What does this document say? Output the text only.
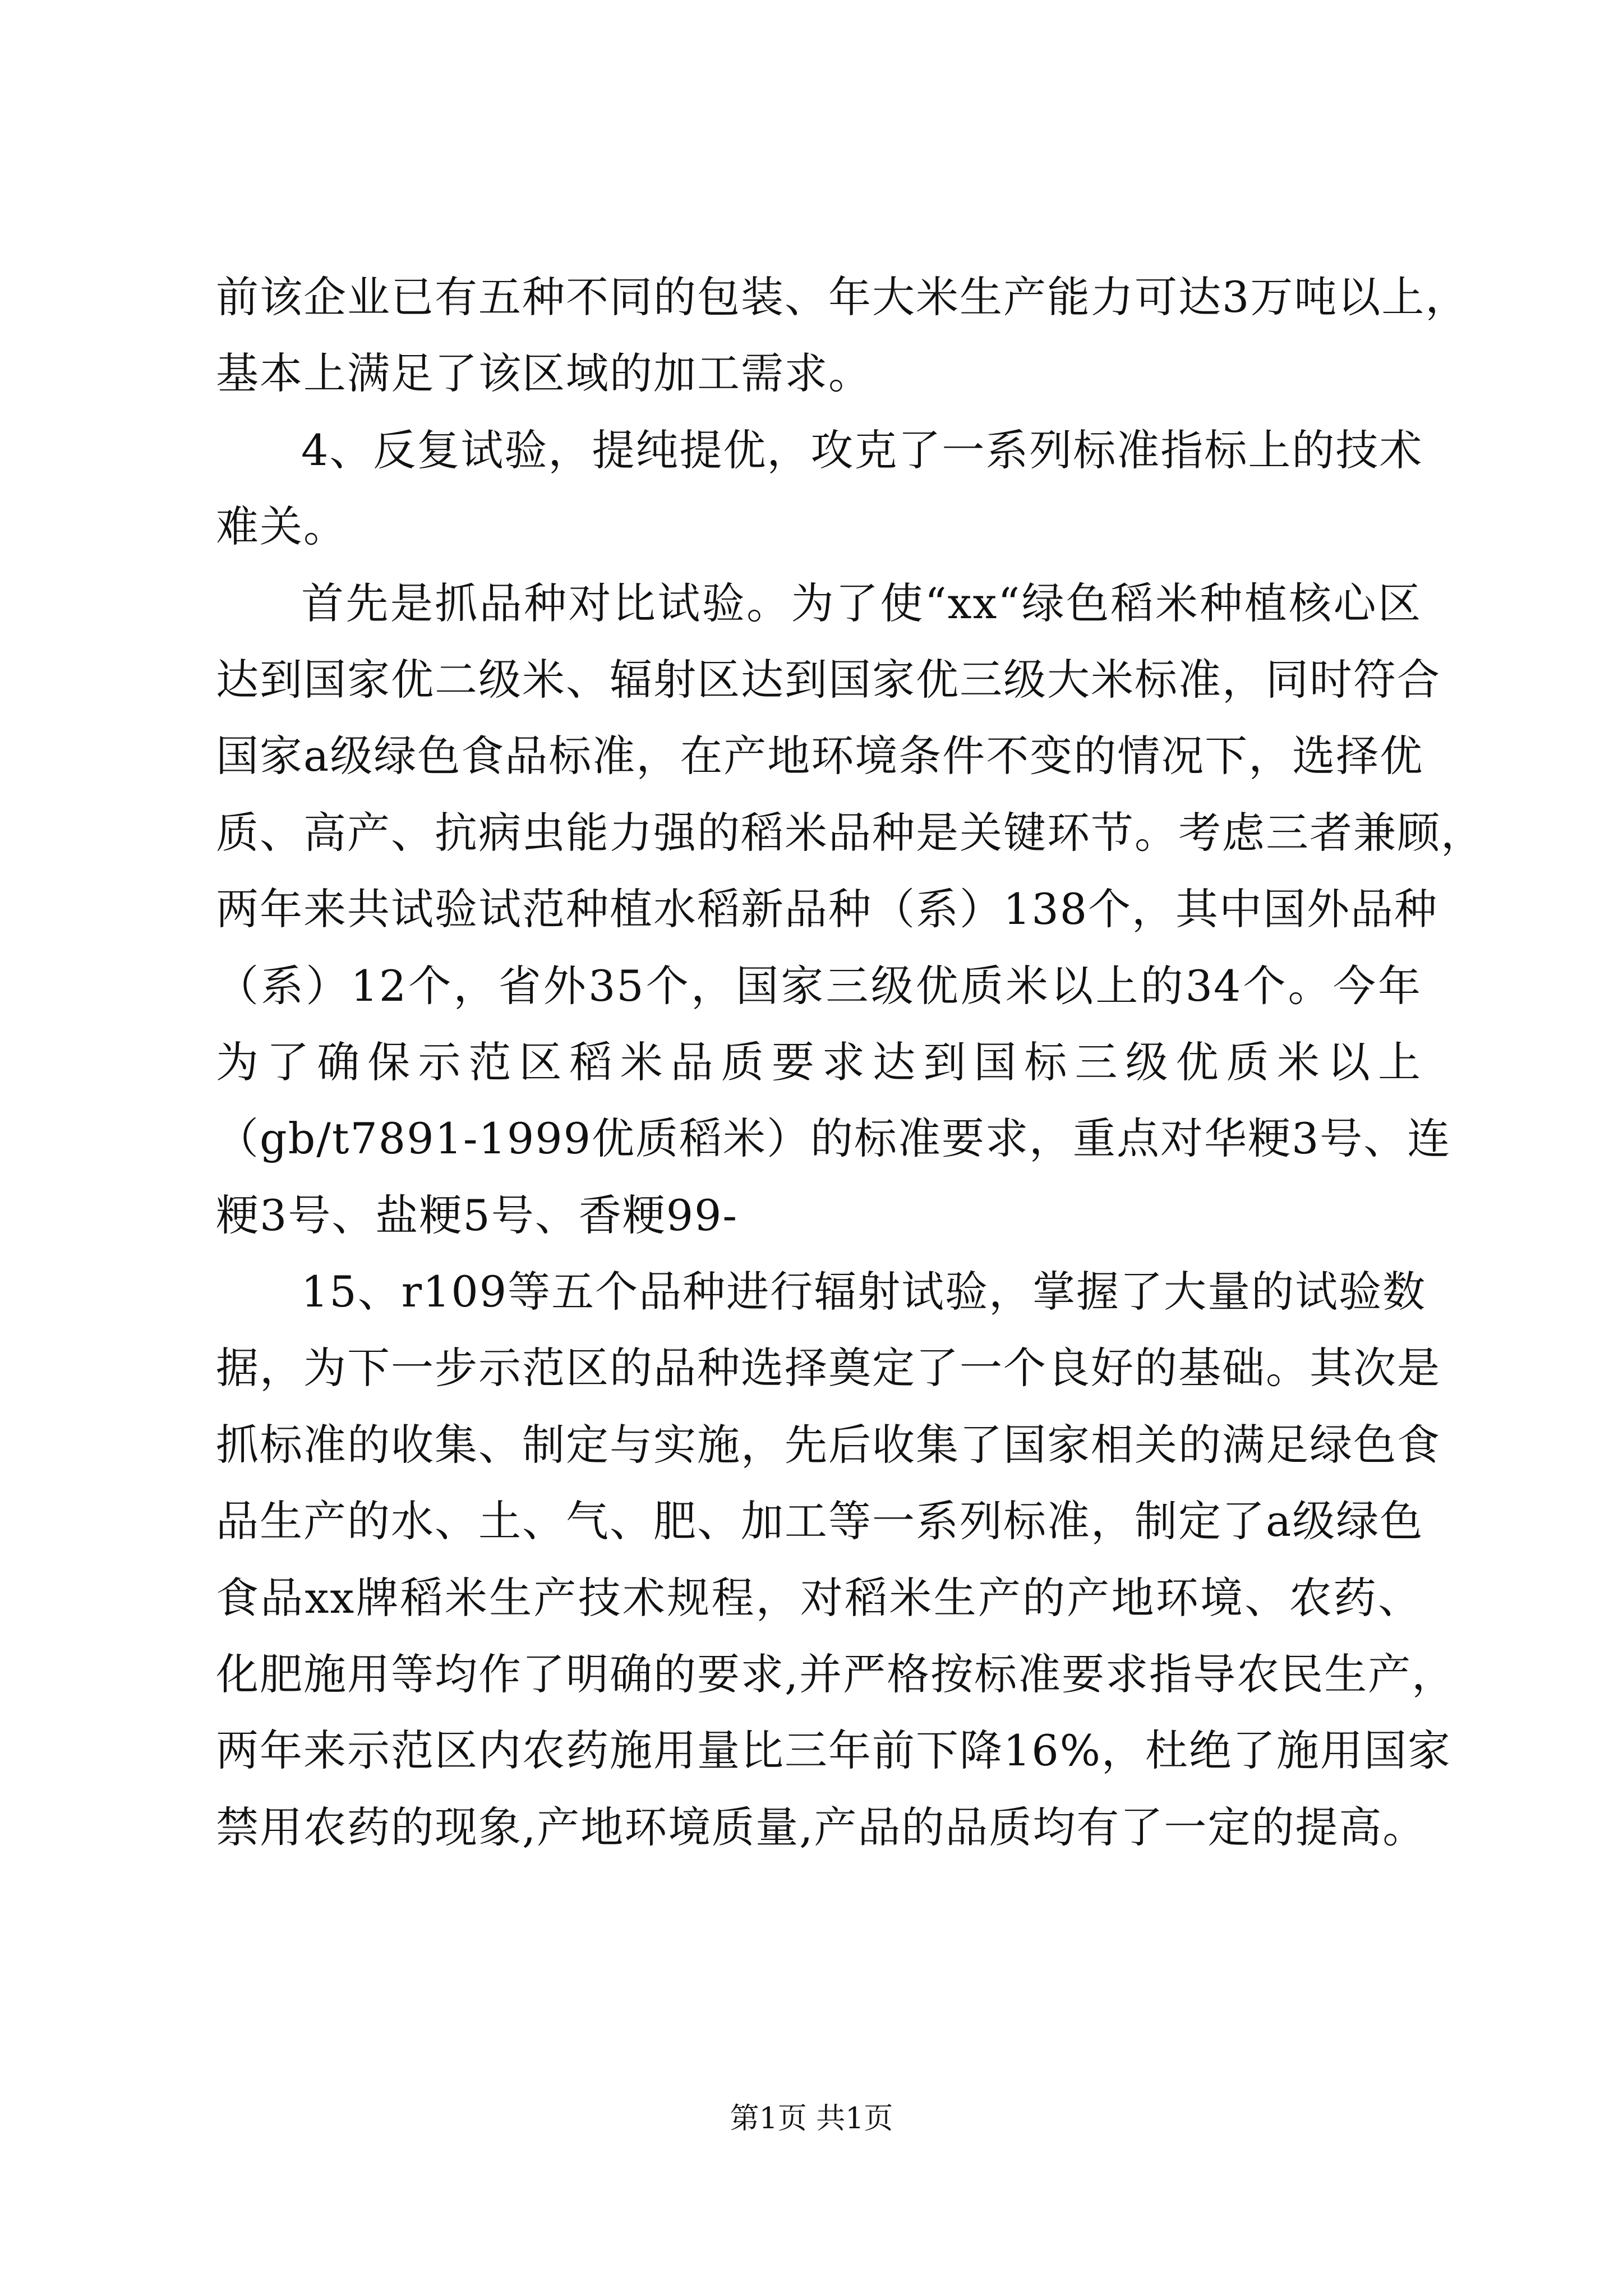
前该企业已有五种不同的包装、年大米生产能力可达3万吨以上，
基本上满足了该区域的加工需求。
4、反复试验，提纯提优，攻克了一系列标准指标上的技术
难关。
首先是抓品种对比试验。为了使“xx“绿色稻米种植核心区
达到国家优二级米、辐射区达到国家优三级大米标准，同时符合
国家a级绿色食品标准，在产地环境条件不变的情况下，选择优
质、高产、抗病虫能力强的稻米品种是关键环节。考虑三者兼顾，
两年来共试验试范种植水稻新品种（系）138个，其中国外品种
（系）12个，省外35个，国家三级优质米以上的34个。今年
为了确保示范区稻米品质要求达到国标三级优质米以上
（gb/t7891-1999优质稻米）的标准要求，重点对华粳3号、连
粳3号、盐粳5号、香粳99-
15、r109等五个品种进行辐射试验，掌握了大量的试验数
据，为下一步示范区的品种选择奠定了一个良好的基础。其次是
抓标准的收集、制定与实施，先后收集了国家相关的满足绿色食
品生产的水、土、气、肥、加工等一系列标准，制定了a级绿色
食品xx牌稻米生产技术规程，对稻米生产的产地环境、农药、
化肥施用等均作了明确的要求,并严格按标准要求指导农民生产，
两年来示范区内农药施用量比三年前下降16%，杜绝了施用国家
禁用农药的现象,产地环境质量,产品的品质均有了一定的提高。
第1页 共1页
